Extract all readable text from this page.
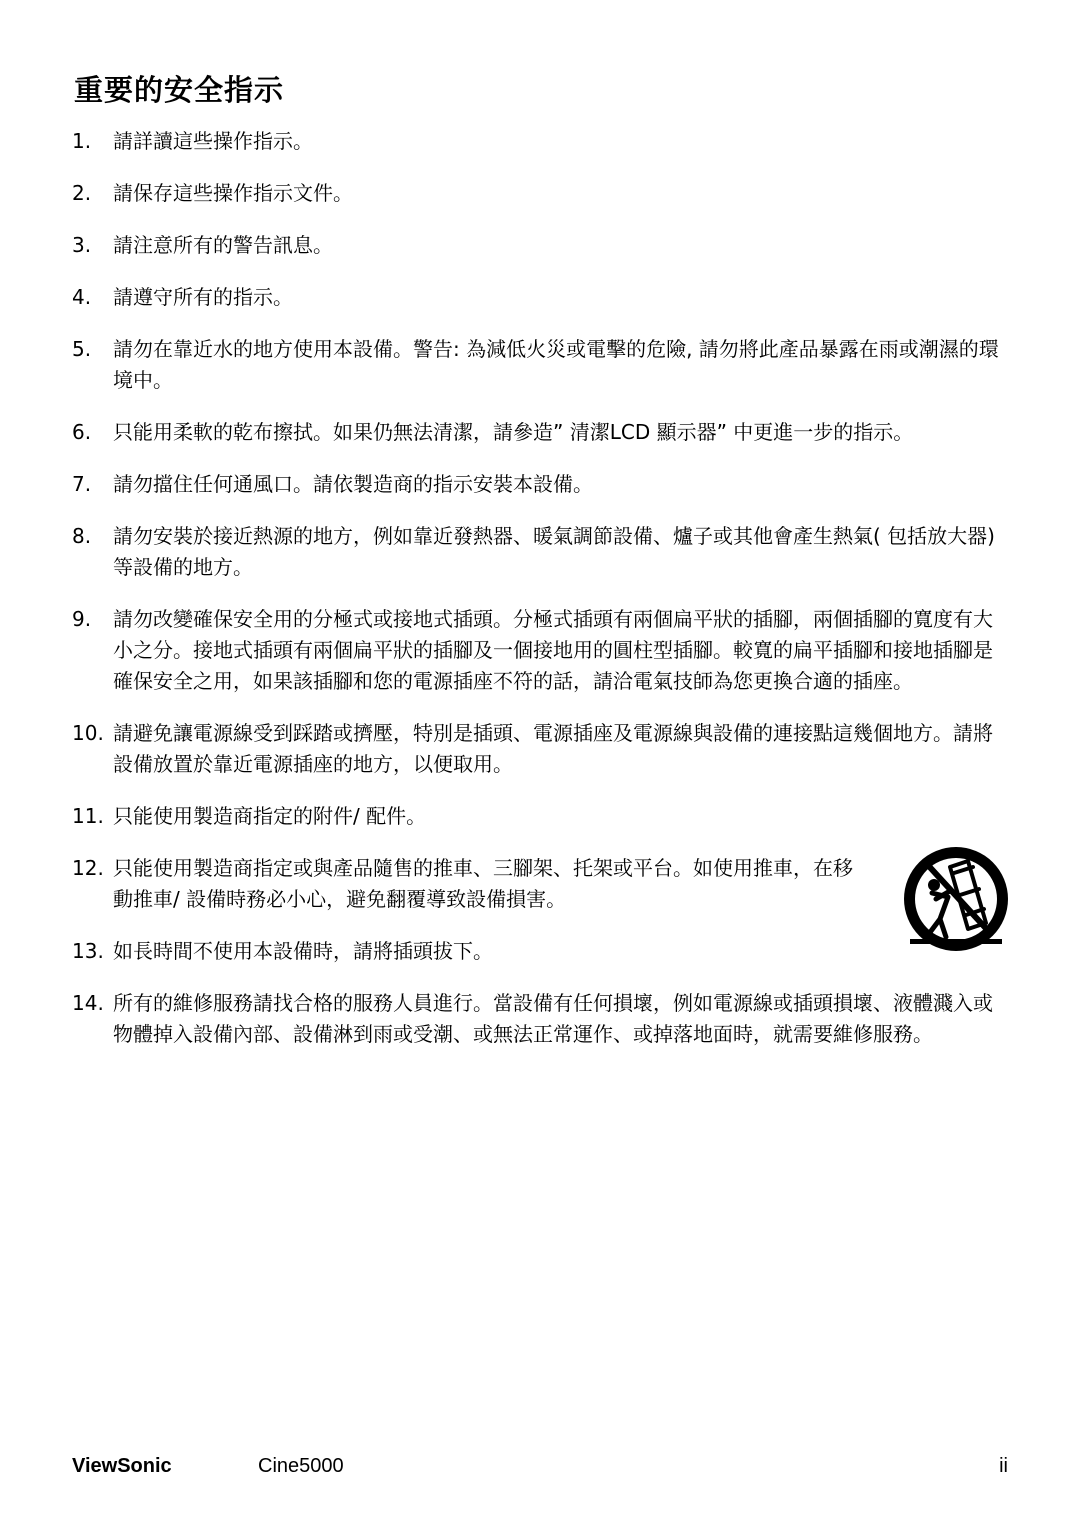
重要的安全指示
1. 請詳讀這些操作指示。
2. 請保存這些操作指示文件。
3. 請注意所有的警告訊息。
4. 請遵守所有的指示。
5. 請勿在靠近水的地方使用本設備。警告: 為減低火災或電擊的危險, 請勿將此產品暴露在雨或潮濕的環境中。
6. 只能用柔軟的乾布擦拭。如果仍無法清潔，請參造” 清潔LCD 顯示器” 中更進一步的指示。
7. 請勿擋住任何通風口。請依製造商的指示安裝本設備。
8. 請勿安裝於接近熱源的地方，例如靠近發熱器、暖氣調節設備、爐子或其他會產生熱氣( 包括放大器) 等設備的地方。
9. 請勿改變確保安全用的分極式或接地式插頭。分極式插頭有兩個扁平狀的插腳，兩個插腳的寬度有大小之分。接地式插頭有兩個扁平狀的插腳及一個接地用的圓柱型插腳。較寬的扁平插腳和接地插腳是確保安全之用，如果該插腳和您的電源插座不符的話，請洽電氣技師為您更換合適的插座。
10. 請避免讓電源線受到踩踏或擠壓，特別是插頭、電源插座及電源線與設備的連接點這幾個地方。請將設備放置於靠近電源插座的地方，以便取用。
11. 只能使用製造商指定的附件/ 配件。
12. 只能使用製造商指定或與產品隨售的推車、三腳架、托架或平台。如使用推車，在移動推車/ 設備時務必小心，避免翻覆導致設備損害。
13. 如長時間不使用本設備時，請將插頭拔下。
14. 所有的維修服務請找合格的服務人員進行。當設備有任何損壞，例如電源線或插頭損壞、液體濺入或物體掉入設備內部、設備淋到雨或受潮、或無法正常運作、或掉落地面時，就需要維修服務。
ViewSonic	Cine5000	ii
